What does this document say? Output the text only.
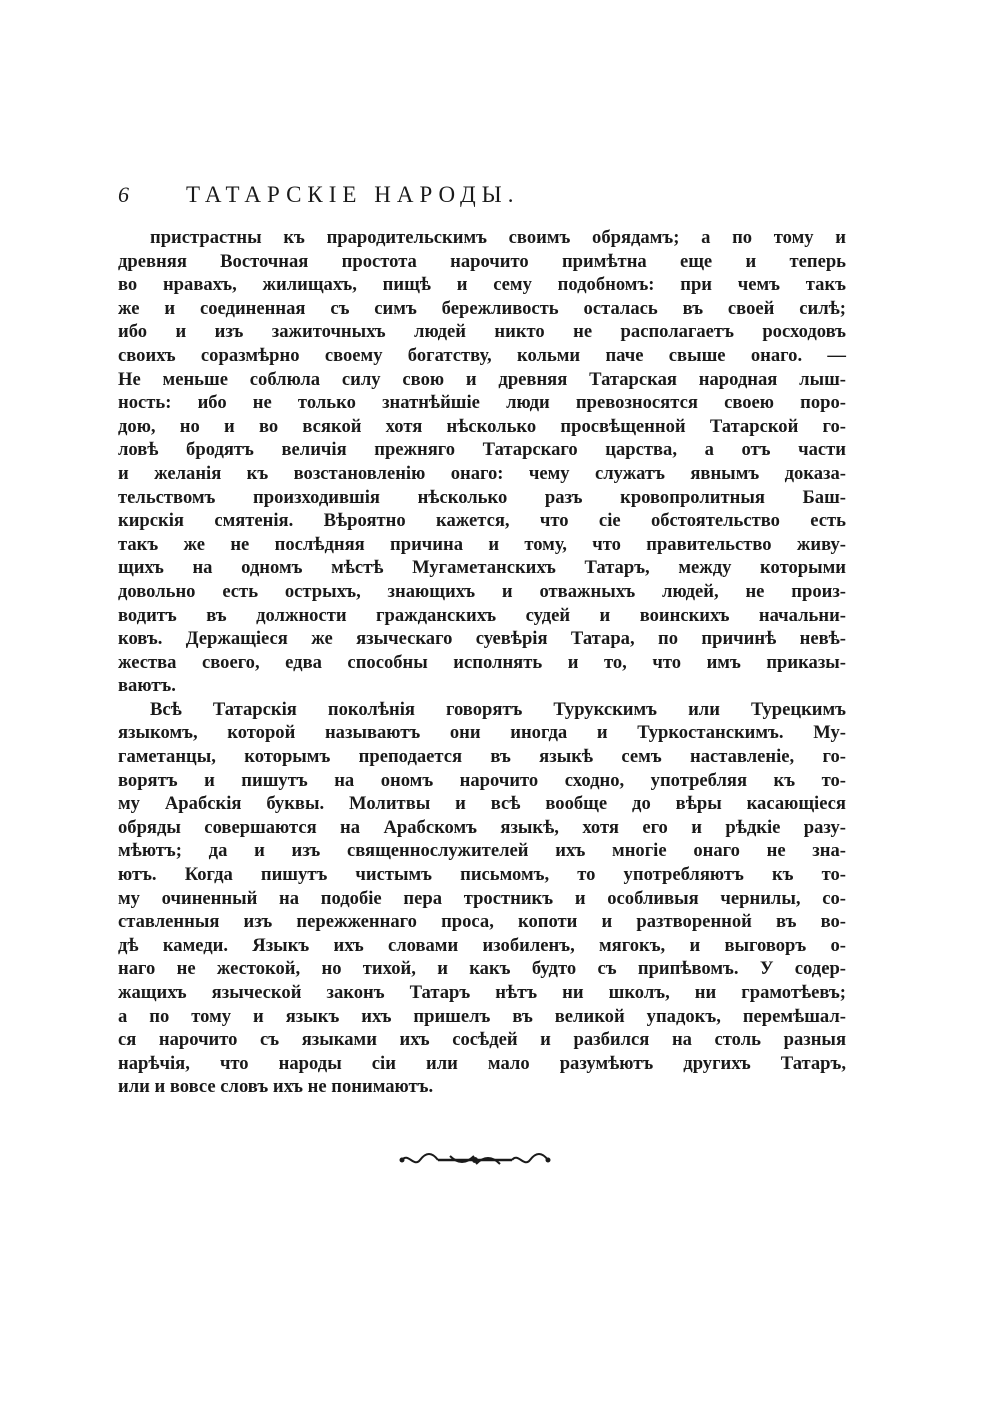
6 ТАТАРСКІЕ НАРОДЫ.
пристрастны къ прародительскимъ своимъ обрядамъ; а по тому и
древняя Восточная простота нарочито примѣтна еще и теперь
во нравахъ, жилищахъ, пищѣ и сему подобномъ: при чемъ такъ
же и соединенная съ симъ бережливость осталась въ своей силѣ;
ибо и изъ зажиточныхъ людей никто не располагаетъ росходовъ
своихъ соразмѣрно своему богатству, кольми паче свыше онаго. —
Не меньше соблюла силу свою и древняя Татарская народная лыш-
ность: ибо не только знатнѣйшіе люди превозносятся своею поро-
дою, но и во всякой хотя нѣсколько просвѣщенной Татарской го-
ловѣ бродятъ величія прежняго Татарскаго царства, а отъ части
и желанія къ возстановленію онаго: чему служатъ явнымъ доказа-
тельствомъ произходившія нѣсколько разъ кровопролитныя Баш-
кирскія смятенія. Вѣроятно кажется, что сіе обстоятельство есть
такъ же не послѣдняя причина и тому, что правительство живу-
щихъ на одномъ мѣстѣ Мугаметанскихъ Татаръ, между которыми
довольно есть острыхъ, знающихъ и отважныхъ людей, не произ-
водитъ въ должности гражданскихъ судей и воинскихъ начальни-
ковъ. Держащіеся же языческаго суевѣрія Татара, по причинѣ невѣ-
жества своего, едва способны исполнять и то, что имъ приказы-
ваютъ.
Всѣ Татарскія поколѣнія говорятъ Турукскимъ или Турецкимъ
языкомъ, которой называютъ они иногда и Туркостанскимъ. Му-
гаметанцы, которымъ преподается въ языкѣ семъ наставленіе, го-
ворятъ и пишутъ на ономъ нарочито сходно, употребляя къ то-
му Арабскія буквы. Молитвы и всѣ вообще до вѣры касающіеся
обряды совершаются на Арабскомъ языкѣ, хотя его и рѣдкіе разу-
мѣютъ; да и изъ священнослужителей ихъ многіе онаго не зна-
ютъ. Когда пишутъ чистымъ письмомъ, то употребляютъ къ то-
му очиненный на подобіе пера тростникъ и особливыя чернилы, со-
ставленныя изъ пережженнаго проса, копоти и разтворенной въ во-
дѣ камеди. Языкъ ихъ словами изобиленъ, мягокъ, и выговоръ о-
наго не жестокой, но тихой, и какъ будто съ припѣвомъ. У содер-
жащихъ языческой законъ Татаръ нѣтъ ни школъ, ни грамотѣевъ;
а по тому и языкъ ихъ пришелъ въ великой упадокъ, перемѣшал-
ся нарочито съ языками ихъ сосѣдей и разбился на столь разныя
нарѣчія, что народы сіи или мало разумѣютъ другихъ Татаръ,
или и вовсе словъ ихъ не понимаютъ.
